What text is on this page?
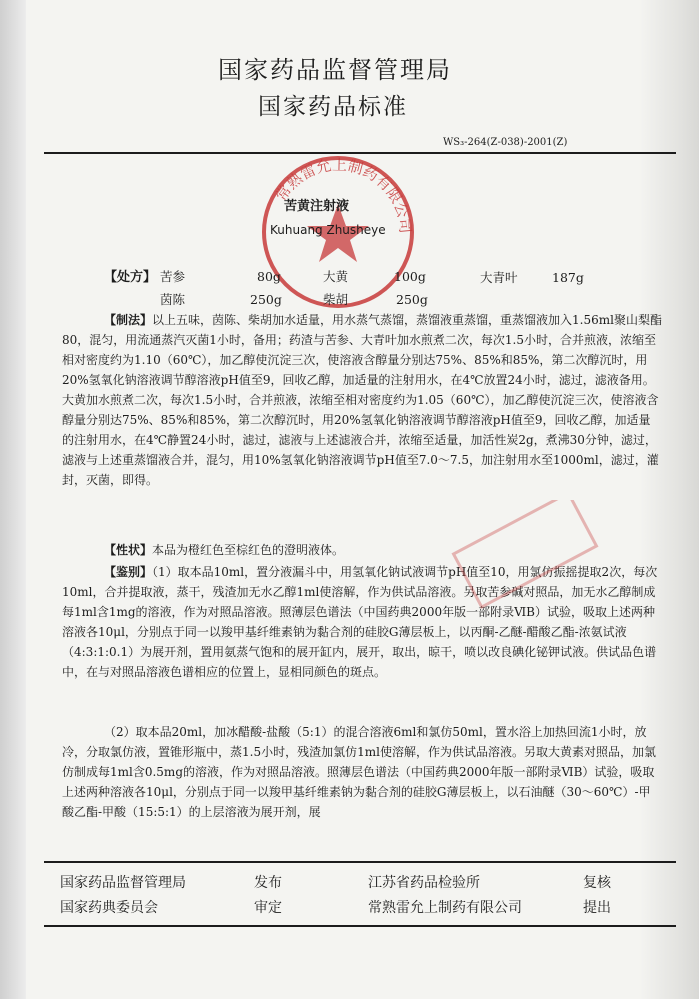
国家药品监督管理局
国家药品标准
WS₃-264(Z-038)-2001(Z)
常熟雷允上制药有限公司
苦黄注射液
Kuhuang Zhusheye
【处方】 苦参	80g	大黄	100g	大青叶	187g
茵陈	250g	柴胡	250g
【制法】以上五味，茵陈、柴胡加水适量，用水蒸气蒸馏，蒸馏液重蒸馏，重蒸馏液加入1.56ml聚山梨酯80，混匀，用流通蒸汽灭菌1小时，备用；药渣与苦参、大青叶加水煎煮二次，每次1.5小时，合并煎液，浓缩至相对密度约为1.10（60℃），加乙醇使沉淀三次，使溶液含醇量分别达75%、85%和85%，第二次醇沉时，用20%氢氧化钠溶液调节醇溶液pH值至9，回收乙醇，加适量的注射用水，在4℃放置24小时，滤过，滤液备用。大黄加水煎煮二次，每次1.5小时，合并煎液，浓缩至相对密度约为1.05（60℃），加乙醇使沉淀三次，使溶液含醇量分别达75%、85%和85%，第二次醇沉时，用20%氢氧化钠溶液调节醇溶液pH值至9，回收乙醇，加适量的注射用水，在4℃静置24小时，滤过，滤液与上述滤液合并，浓缩至适量，加活性炭2g，煮沸30分钟，滤过，滤液与上述重蒸馏液合并，混匀，用10%氢氧化钠溶液调节pH值至7.0～7.5，加注射用水至1000ml，滤过，灌封，灭菌，即得。
【性状】本品为橙红色至棕红色的澄明液体。
【鉴别】（1）取本品10ml，置分液漏斗中，用氢氧化钠试液调节pH值至10，用氯仿振摇提取2次，每次10ml，合并提取液，蒸干，残渣加无水乙醇1ml使溶解，作为供试品溶液。另取苦参碱对照品，加无水乙醇制成每1ml含1mg的溶液，作为对照品溶液。照薄层色谱法（中国药典2000年版一部附录ⅥB）试验，吸取上述两种溶液各10μl，分别点于同一以羧甲基纤维素钠为黏合剂的硅胶G薄层板上，以丙酮-乙醚-醋酸乙酯-浓氨试液（4:3:1:0.1）为展开剂，置用氨蒸气饱和的展开缸内，展开，取出，晾干，喷以改良碘化铋钾试液。供试品色谱中，在与对照品溶液色谱相应的位置上，显相同颜色的斑点。
（2）取本品20ml，加冰醋酸-盐酸（5:1）的混合溶液6ml和氯仿50ml，置水浴上加热回流1小时，放冷，分取氯仿液，置锥形瓶中，蒸1.5小时，残渣加氯仿1ml使溶解，作为供试品溶液。另取大黄素对照品，加氯仿制成每1ml含0.5mg的溶液，作为对照品溶液。照薄层色谱法（中国药典2000年版一部附录ⅥB）试验，吸取上述两种溶液各10μl，分别点于同一以羧甲基纤维素钠为黏合剂的硅胶G薄层板上，以石油醚（30～60℃）-甲酸乙酯-甲酸（15:5:1）的上层溶液为展开剂，展
国家药品监督管理局	发布	江苏省药品检验所	复核
国家药典委员会	审定	常熟雷允上制药有限公司	提出
